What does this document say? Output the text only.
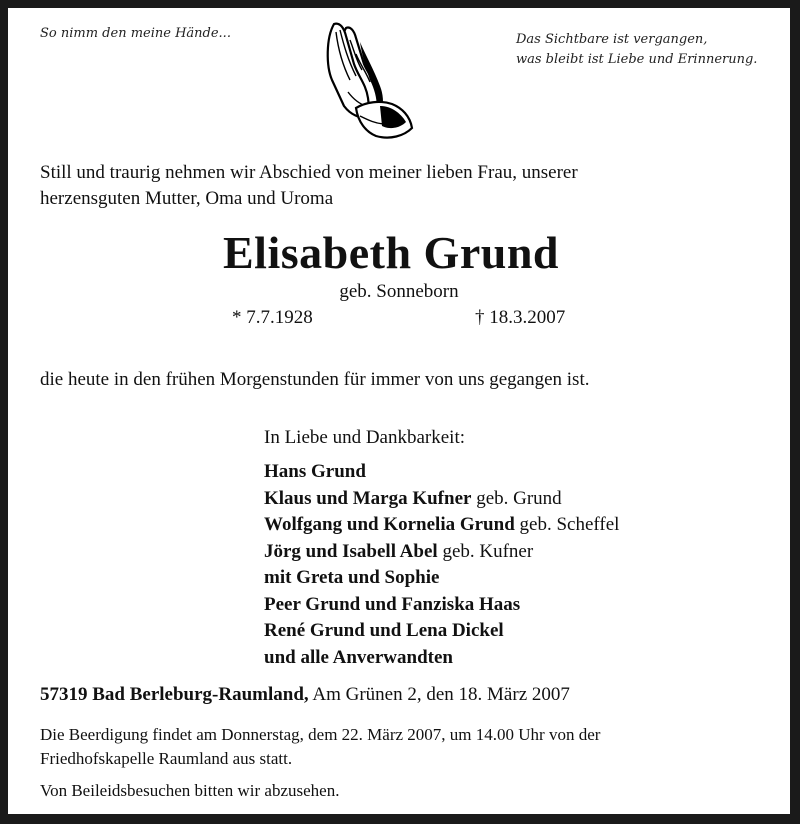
So nimm den meine Hände...	Das Sichtbare ist vergangen,
was bleibt ist Liebe und Erinnerung.
Still und traurig nehmen wir Abschied von meiner lieben Frau, unserer
herzensguten Mutter, Oma und Uroma
Elisabeth Grund
geb. Sonneborn
* 7.7.1928	† 18.3.2007
die heute in den frühen Morgenstunden für immer von uns gegangen ist.
In Liebe und Dankbarkeit:
Hans Grund
Klaus und Marga Kufner geb. Grund
Wolfgang und Kornelia Grund geb. Scheffel
Jörg und Isabell Abel geb. Kufner
mit Greta und Sophie
Peer Grund und Fanziska Haas
René Grund und Lena Dickel
und alle Anverwandten
57319 Bad Berleburg-Raumland, Am Grünen 2, den 18. März 2007
Die Beerdigung findet am Donnerstag, dem 22. März 2007, um 14.00 Uhr von der
Friedhofskapelle Raumland aus statt.
Von Beileidsbesuchen bitten wir abzusehen.
